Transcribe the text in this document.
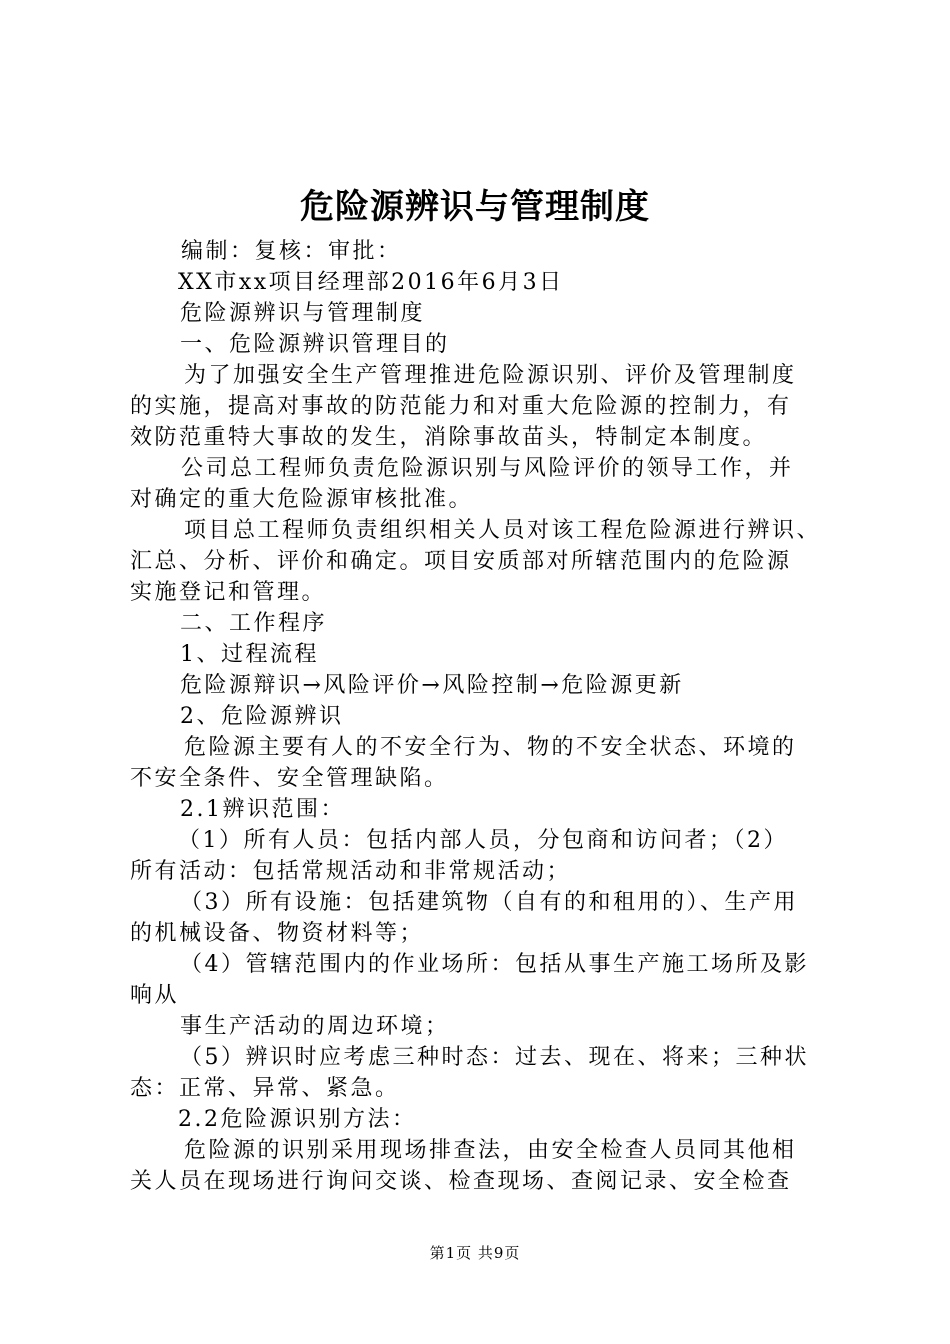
危险源辨识与管理制度
编制：复核：审批：
XX市xx项目经理部2016年6月3日
危险源辨识与管理制度
一、危险源辨识管理目的
为了加强安全生产管理推进危险源识别、评价及管理制度
的实施，提高对事故的防范能力和对重大危险源的控制力，有
效防范重特大事故的发生，消除事故苗头，特制定本制度。
公司总工程师负责危险源识别与风险评价的领导工作，并
对确定的重大危险源审核批准。
项目总工程师负责组织相关人员对该工程危险源进行辨识、
汇总、分析、评价和确定。项目安质部对所辖范围内的危险源
实施登记和管理。
二、工作程序
1、过程流程
危险源辩识→风险评价→风险控制→危险源更新
2、危险源辨识
危险源主要有人的不安全行为、物的不安全状态、环境的
不安全条件、安全管理缺陷。
2.1辨识范围：
（1）所有人员：包括内部人员，分包商和访问者；（2）
所有活动：包括常规活动和非常规活动；
（3）所有设施：包括建筑物（自有的和租用的）、生产用
的机械设备、物资材料等；
（4）管辖范围内的作业场所：包括从事生产施工场所及影
响从
事生产活动的周边环境；
（5）辨识时应考虑三种时态：过去、现在、将来；三种状
态：正常、异常、紧急。
2.2危险源识别方法：
危险源的识别采用现场排查法，由安全检查人员同其他相
关人员在现场进行询问交谈、检查现场、查阅记录、安全检查
第1页 共9页
